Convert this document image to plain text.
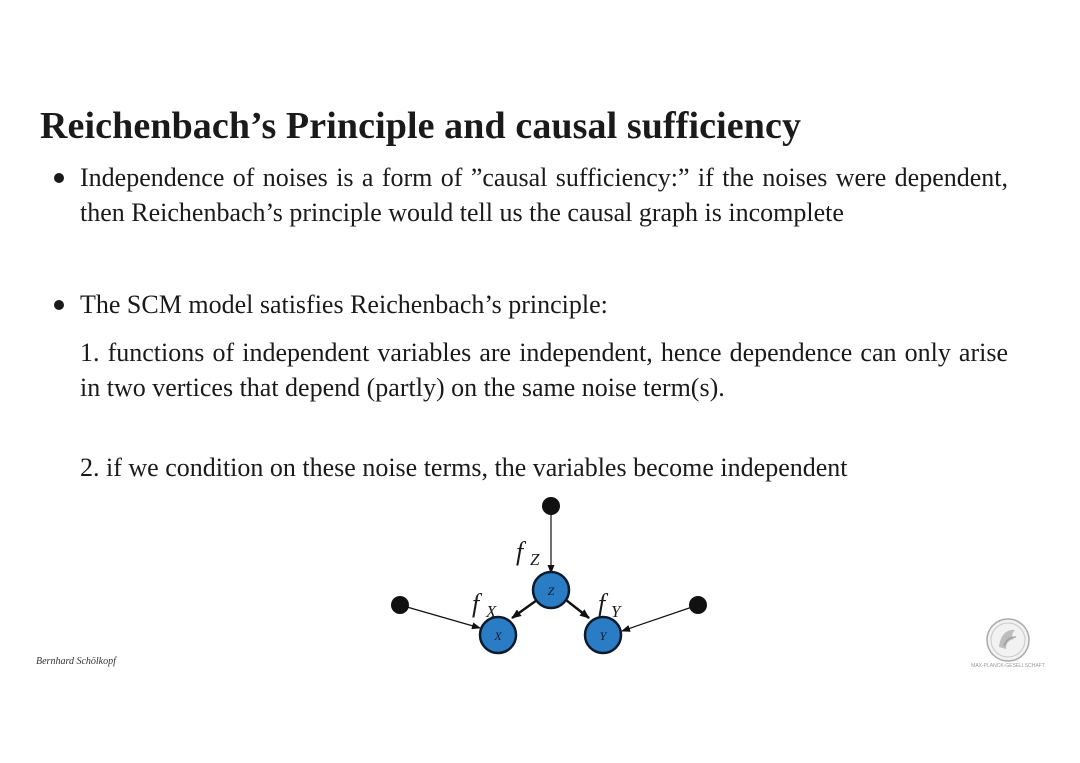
Reichenbach’s Principle and causal sufficiency
Independence of noises is a form of ”causal sufficiency:” if the noises were dependent, then Reichenbach’s principle would tell us the causal graph is incomplete
The SCM model satisfies Reichenbach’s principle:
1. functions of independent variables are independent, hence dependence can only arise in two vertices that depend (partly) on the same noise term(s).
2. if we condition on these noise terms, the variables become independent
Z
X	Y
f Z
f X	f Y
Bernhard Schölkopf	MAX-PLANCK-GESELLSCHAFT
